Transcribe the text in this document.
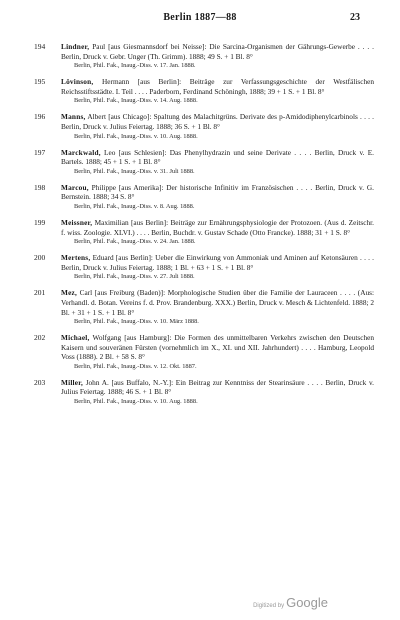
Berlin 1887—88	23
194 Lindner, Paul [aus Giesmannsdorf bei Neisse]: Die Sarcina-Organismen der Gährungs-Gewerbe . . . . Berlin, Druck v. Gebr. Unger (Th. Grimm). 1888; 49 S. + 1 Bl. 8°
Berlin, Phil. Fak., Inaug.-Diss. v. 17. Jan. 1888.
195 Lövinson, Hermann [aus Berlin]: Beiträge zur Verfassungsgeschichte der Westfälischen Reichsstiftsstädte. I. Teil . . . . Paderborn, Ferdinand Schöningh, 1888; 39 + 1 S. + 1 Bl. 8°
Berlin, Phil. Fak., Inaug.-Diss. v. 14. Aug. 1888.
196 Manns, Albert [aus Chicago]: Spaltung des Malachitgrüns. Derivate des p-Amidodiphenylcarbinols . . . . Berlin, Druck v. Julius Feiertag. 1888; 36 S. + 1 Bl. 8°
Berlin, Phil. Fak., Inaug.-Diss. v. 10. Aug. 1888.
197 Marckwald, Leo [aus Schlesien]: Das Phenylhydrazin und seine Derivate . . . . Berlin, Druck v. E. Bartels. 1888; 45 + 1 S. + 1 Bl. 8°
Berlin, Phil. Fak., Inaug.-Diss. v. 31. Juli 1888.
198 Marcou, Philippe [aus Amerika]: Der historische Infinitiv im Französischen . . . . Berlin, Druck v. G. Bernstein. 1888; 34 S. 8°
Berlin, Phil. Fak., Inaug.-Diss. v. 8. Aug. 1888.
199 Meissner, Maximilian [aus Berlin]: Beiträge zur Ernährungsphysiologie der Protozoen. (Aus d. Zeitschr. f. wiss. Zoologie. XLVI.) . . . . Berlin, Buchdr. v. Gustav Schade (Otto Francke). 1888; 31 + 1 S. 8°
Berlin, Phil. Fak., Inaug.-Diss. v. 24. Jan. 1888.
200 Mertens, Eduard [aus Berlin]: Ueber die Einwirkung von Ammoniak und Aminen auf Ketonsäuren . . . . Berlin, Druck v. Julius Feiertag. 1888; 1 Bl. + 63 + 1 S. + 1 Bl. 8°
Berlin, Phil. Fak., Inaug.-Diss. v. 27. Juli 1888.
201 Mez, Carl [aus Freiburg (Baden)]: Morphologische Studien über die Familie der Lauraceen . . . . (Aus: Verhandl. d. Botan. Vereins f. d. Prov. Brandenburg. XXX.) Berlin, Druck v. Mesch & Lichtenfeld. 1888; 2 Bl. + 31 + 1 S. + 1 Bl. 8°
Berlin, Phil. Fak., Inaug.-Diss. v. 10. März 1888.
202 Michael, Wolfgang [aus Hamburg]: Die Formen des unmittelbaren Verkehrs zwischen den Deutschen Kaisern und souveränen Fürsten (vornehmlich im X., XI. und XII. Jahrhundert) . . . . Hamburg, Leopold Voss (1888). 2 Bl. + 58 S. 8°
Berlin, Phil. Fak., Inaug.-Diss. v. 12. Okt. 1887.
203 Miller, John A. [aus Buffalo, N.-Y.]: Ein Beitrag zur Kenntniss der Stearinsäure . . . . Berlin, Druck v. Julius Feiertag. 1888; 46 S. + 1 Bl. 8°
Berlin, Phil. Fak., Inaug.-Diss. v. 10. Aug. 1888.
Digitized by Google
